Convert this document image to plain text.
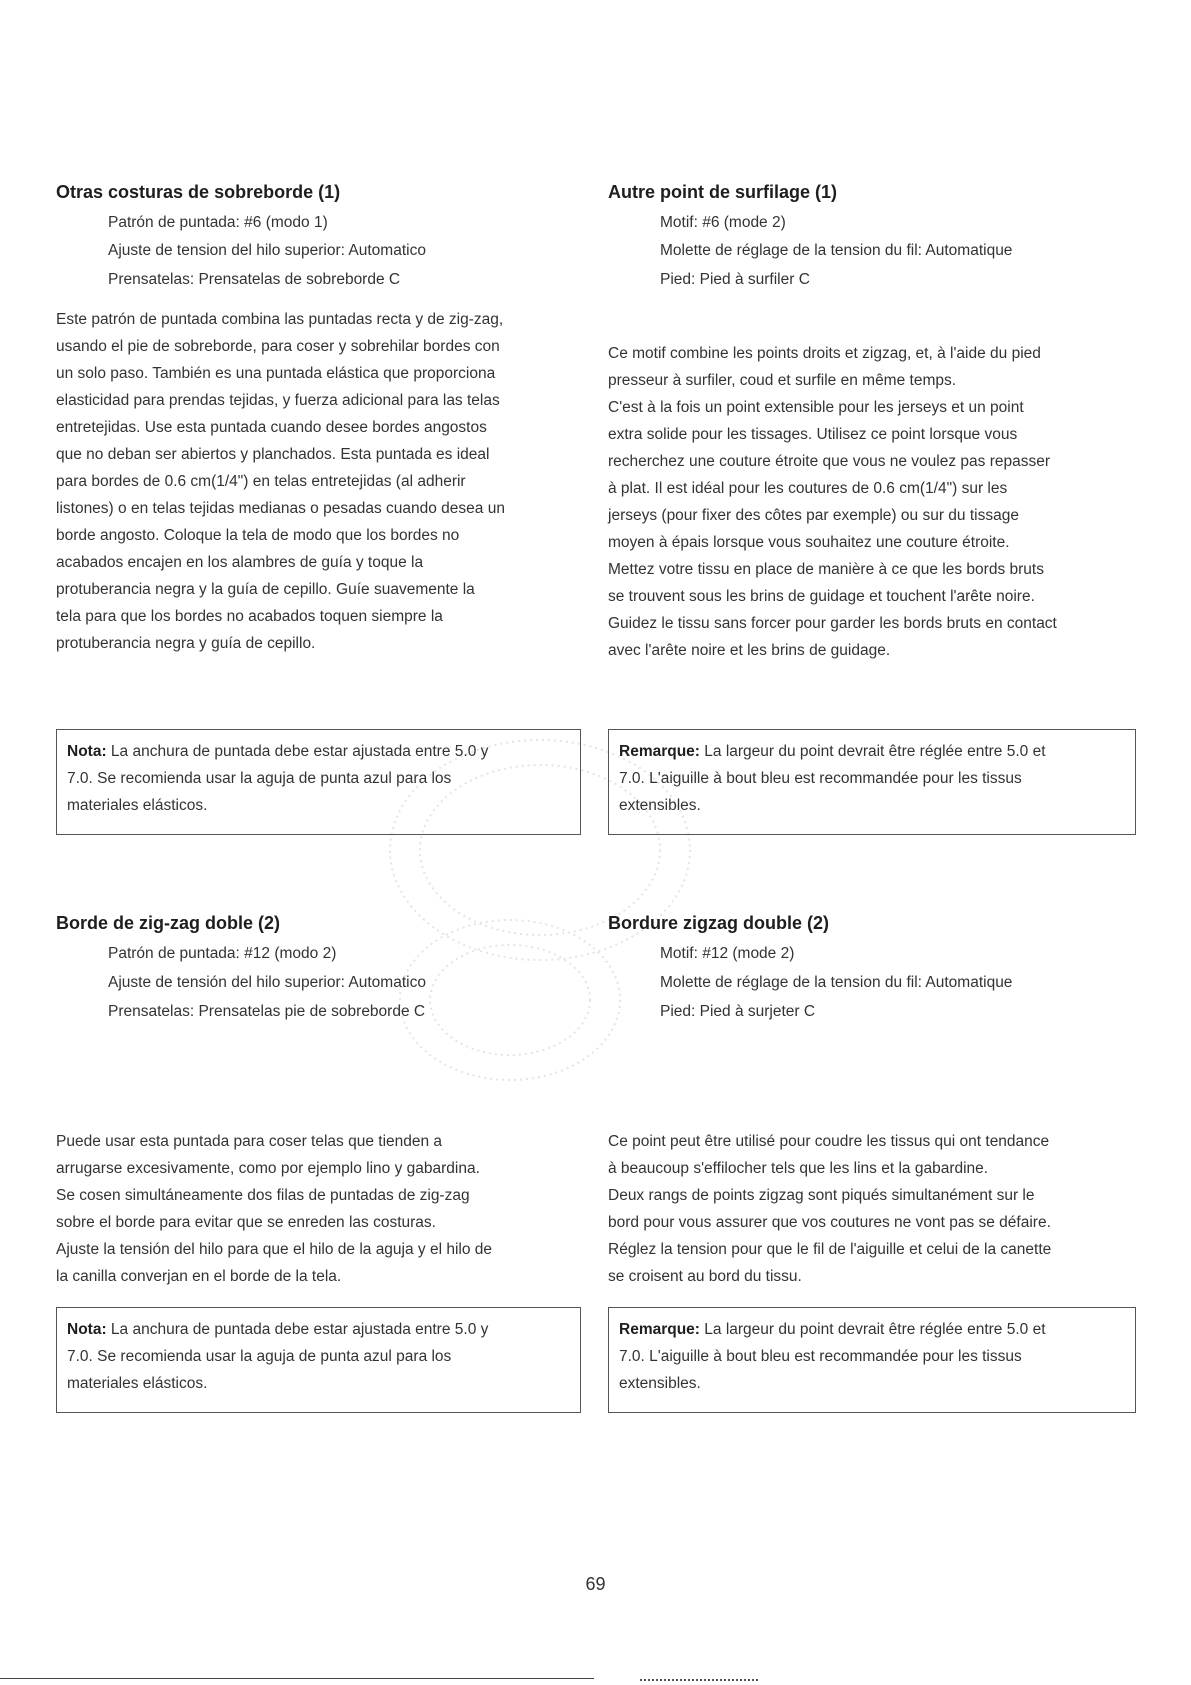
Otras costuras de sobreborde (1)

Patrón de puntada: #6 (modo 1)

Ajuste de tension del hilo superior: Automatico

Prensatelas: Prensatelas de sobreborde C

Este patrón de puntada combina las puntadas recta y de zig-zag,
usando el pie de sobreborde, para coser y sobrehilar bordes con
un solo paso. También es una puntada elástica que proporciona
elasticidad para prendas tejidas, y fuerza adicional para las telas
entretejidas. Use esta puntada cuando desee bordes angostos
que no deban ser abiertos y planchados. Esta puntada es ideal
para bordes de 0.6 cm(1/4") en telas entretejidas (al adherir
listones) o en telas tejidas medianas o pesadas cuando desea un
borde angosto. Coloque la tela de modo que los bordes no
acabados encajen en los alambres de guía y toque la
protuberancia negra y la guía de cepillo. Guíe suavemente la
tela para que los bordes no acabados toquen siempre la
protuberancia negra y guía de cepillo.
Nota: La anchura de puntada debe estar ajustada entre 5.0 y
7.0. Se recomienda usar la aguja de punta azul para los
materiales elásticos.
Borde de zig-zag doble (2)

Patrón de puntada: #12 (modo 2)

Ajuste de tensión del hilo superior: Automatico

Prensatelas: Prensatelas pie de sobreborde C

Puede usar esta puntada para coser telas que tienden a
arrugarse excesivamente, como por ejemplo lino y gabardina.
Se cosen simultáneamente dos filas de puntadas de zig-zag
sobre el borde para evitar que se enreden las costuras.
Ajuste la tensión del hilo para que el hilo de la aguja y el hilo de
la canilla converjan en el borde de la tela.
Nota: La anchura de puntada debe estar ajustada entre 5.0 y
7.0. Se recomienda usar la aguja de punta azul para los
materiales elásticos.
Autre point de surfilage (1)

Motif: #6 (mode 2)

Molette de réglage de la tension du fil: Automatique

Pied: Pied à surfiler C

Ce motif combine les points droits et zigzag, et, à l'aide du pied
presseur à surfiler, coud et surfile en même temps.
C'est à la fois un point extensible pour les jerseys et un point
extra solide pour les tissages. Utilisez ce point lorsque vous
recherchez une couture étroite que vous ne voulez pas repasser
à plat. Il est idéal pour les coutures de 0.6 cm(1/4") sur les
jerseys (pour fixer des côtes par exemple) ou sur du tissage
moyen à épais lorsque vous souhaitez une couture étroite.
Mettez votre tissu en place de manière à ce que les bords bruts
se trouvent sous les brins de guidage et touchent l'arête noire.
Guidez le tissu sans forcer pour garder les bords bruts en contact
avec l'arête noire et les brins de guidage.
Remarque: La largeur du point devrait être réglée entre 5.0 et
7.0. L'aiguille à bout bleu est recommandée pour les tissus
extensibles.
Bordure zigzag double (2)

Motif: #12 (mode 2)

Molette de réglage de la tension du fil: Automatique

Pied: Pied à surjeter C

Ce point peut être utilisé pour coudre les tissus qui ont tendance
à beaucoup s'effilocher tels que les lins et la gabardine.
Deux rangs de points zigzag sont piqués simultanément sur le
bord pour vous assurer que vos coutures ne vont pas se défaire.
Réglez la tension pour que le fil de l'aiguille et celui de la canette
se croisent au bord du tissu.
Remarque: La largeur du point devrait être réglée entre 5.0 et
7.0. L'aiguille à bout bleu est recommandée pour les tissus
extensibles.
69
